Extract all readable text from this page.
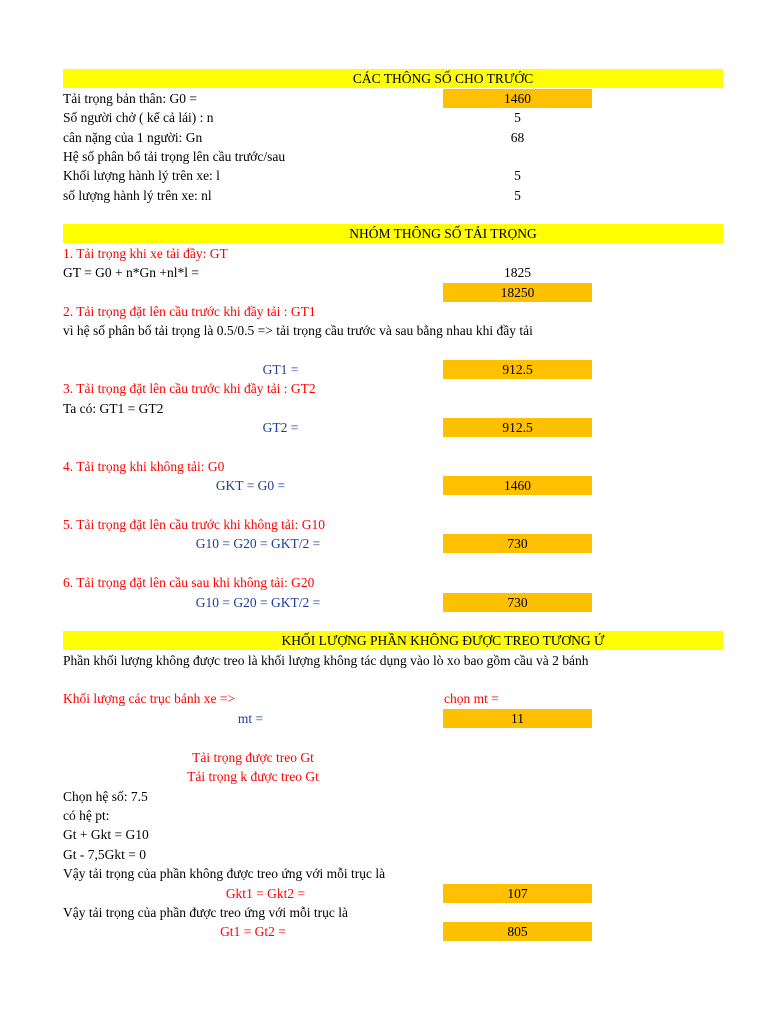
CÁC THÔNG SỐ CHO TRƯỚC
Tải trọng bản thân: G0 =	1460
Số người chở ( kể cả lái) : n	5
cân nặng của 1 người: Gn	68
Hệ số phân bổ tải trọng lên cầu trước/sau
Khối lượng hành lý trên xe: l	5
số lượng hành lý trên xe: nl	5
NHÓM THÔNG SỐ TẢI TRỌNG
1. Tải trọng khi xe tải đầy: GT
GT = G0 + n*Gn +nl*l =	1825
18250
2. Tải trọng đặt lên cầu trước khi đầy tải : GT1
vì hệ số phân bố tải trọng là 0.5/0.5 => tải trọng cầu trước và sau bằng nhau khi đầy tải
GT1 =	912.5
3. Tải trọng đặt lên cầu trước khi đầy tải : GT2
Ta có: GT1 = GT2
GT2 =	912.5
4. Tải trọng khi không tải: G0
GKT = G0 =	1460
5. Tải trọng đặt lên cầu trước khi không tải: G10
G10 = G20 = GKT/2 =	730
6. Tải trọng đặt lên cầu sau khi không tải: G20
G10 = G20 = GKT/2 =	730
KHỐI LƯỢNG PHẦN KHÔNG ĐƯỢC TREO TƯƠNG Ứ
Phần khối lượng không được treo là khối lượng không tác dụng vào lò xo bao gồm cầu và 2 bánh
Khối lượng các trục bánh xe =>	chọn mt =
mt =	11
Tải trọng được treo Gt
Tải trọng k được treo Gt
Chọn hệ số: 7.5
có hệ pt:
Gt + Gkt = G10
Gt - 7,5Gkt = 0
Vậy tải trọng của phần không được treo ứng với mỗi trục là
Gkt1 = Gkt2 =	107
Vậy tải trọng của phần được treo ứng với mỗi trục là
Gt1 = Gt2 =	805
